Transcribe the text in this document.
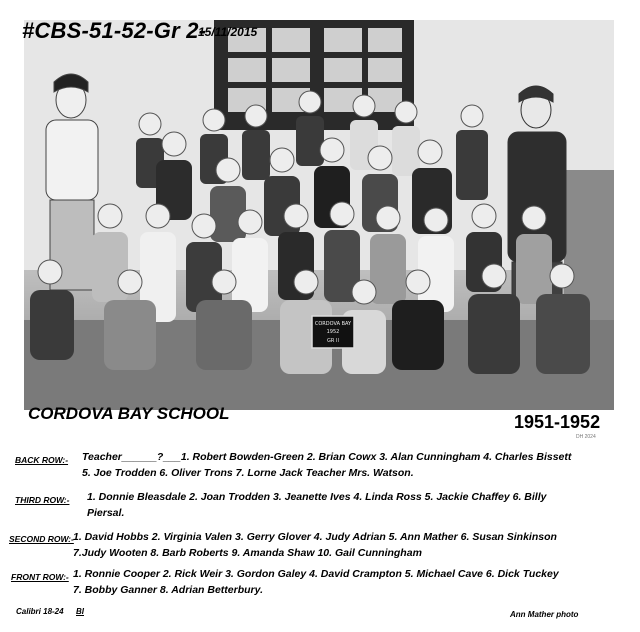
#CBS-51-52-Gr 2-
15/11/2015
CORDOVA BAY
1952
GR II
CORDOVA BAY SCHOOL	1951-1952
DH 2024
BACK ROW:- Teacher______?___1. Robert Bowden-Green 2. Brian Cowx 3. Alan Cunningham 4. Charles Bissett
5. Joe Trodden 6. Oliver Trons 7. Lorne Jack Teacher Mrs. Watson.
THIRD ROW:- 1. Donnie Bleasdale 2. Joan Trodden 3. Jeanette Ives 4. Linda Ross 5. Jackie Chaffey 6. Billy
Piersal.
SECOND ROW:- 1. David Hobbs 2. Virginia Valen 3. Gerry Glover 4. Judy Adrian 5. Ann Mather 6. Susan Sinkinson
7.Judy Wooten 8. Barb Roberts 9. Amanda Shaw 10. Gail Cunningham
FRONT ROW:- 1. Ronnie Cooper 2. Rick Weir 3. Gordon Galey 4. David Crampton 5. Michael Cave 6. Dick Tuckey
7. Bobby Ganner 8. Adrian Betterbury.
Calibri 18-24 BI	Ann Mather photo
